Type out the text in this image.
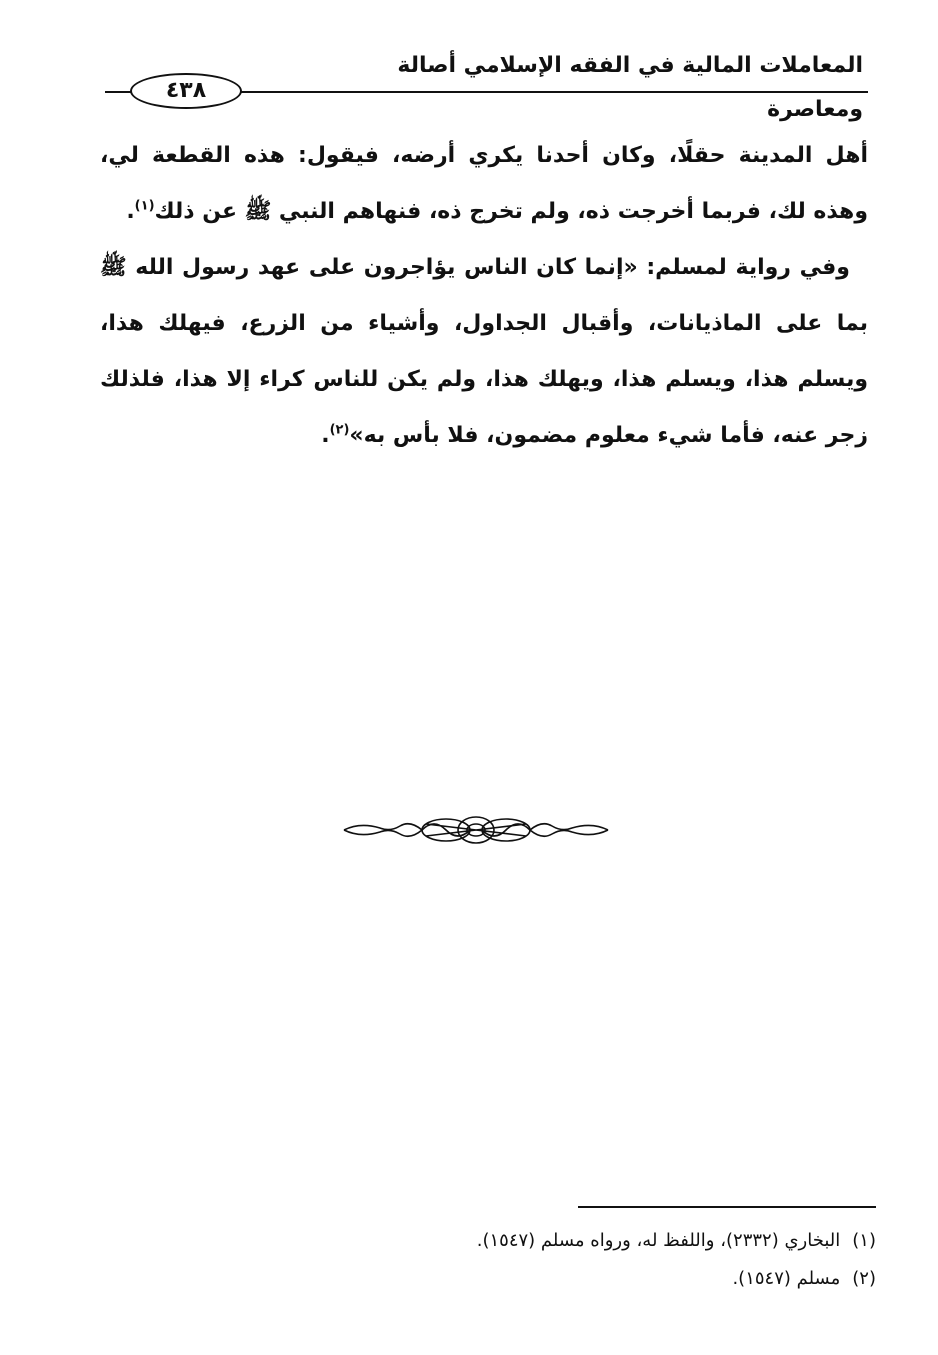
المعاملات المالية في الفقه الإسلامي أصالة ومعاصرة
٤٣٨

أهل المدينة حقلًا، وكان أحدنا يكري أرضه، فيقول: هذه القطعة لي، وهذه لك، فربما أخرجت ذه، ولم تخرج ذه، فنهاهم النبي ﷺ عن ذلك$^{(١)}$.

وفي رواية لمسلم: «إنما كان الناس يؤاجرون على عهد رسول الله ﷺ بما على الماذيانات، وأقبال الجداول، وأشياء من الزرع، فيهلك هذا، ويسلم هذا، ويسلم هذا، ويهلك هذا، ولم يكن للناس كراء إلا هذا، فلذلك زجر عنه، فأما شيء معلوم مضمون، فلا بأس به»$^{(٢)}$.

(١)البخاري (٢٣٣٢)، واللفظ له، ورواه مسلم (١٥٤٧).
(٢)مسلم (١٥٤٧).
